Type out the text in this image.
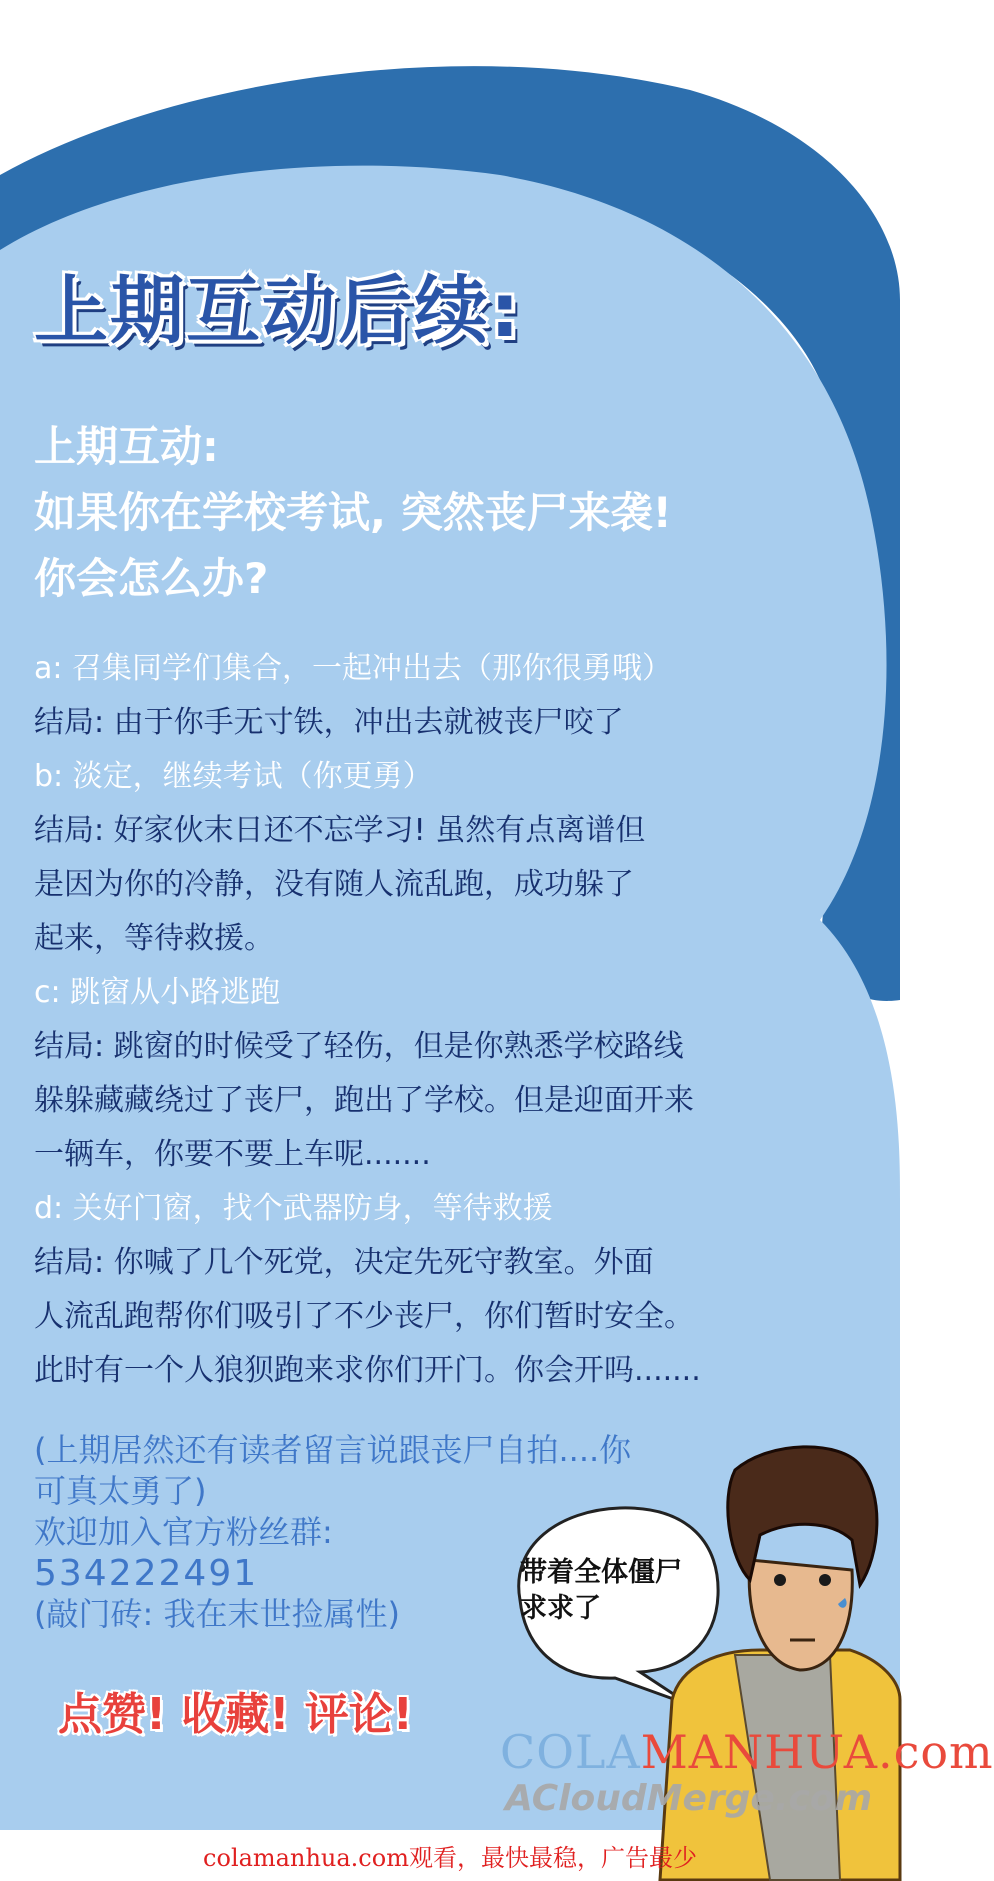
上期互动后续:
上期互动:
如果你在学校考试, 突然丧尸来袭!
你会怎么办?
a: 召集同学们集合，一起冲出去（那你很勇哦）
结局: 由于你手无寸铁，冲出去就被丧尸咬了
b: 淡定，继续考试（你更勇）
结局: 好家伙末日还不忘学习! 虽然有点离谱但
是因为你的冷静，没有随人流乱跑，成功躲了
起来，等待救援。
c: 跳窗从小路逃跑
结局: 跳窗的时候受了轻伤，但是你熟悉学校路线
躲躲藏藏绕过了丧尸，跑出了学校。但是迎面开来
一辆车，你要不要上车呢.......
d: 关好门窗，找个武器防身，等待救援
结局: 你喊了几个死党，决定先死守教室。外面
人流乱跑帮你们吸引了不少丧尸，你们暂时安全。
此时有一个人狼狈跑来求你们开门。你会开吗.......
(上期居然还有读者留言说跟丧尸自拍....你
可真太勇了)
欢迎加入官方粉丝群:
534222491
(敲门砖: 我在末世捡属性)
点赞! 收藏! 评论!
带着全体僵尸
求求了
COLAMANHUA.com
ACloudMerge.com
colamanhua.com观看，最快最稳，广告最少
